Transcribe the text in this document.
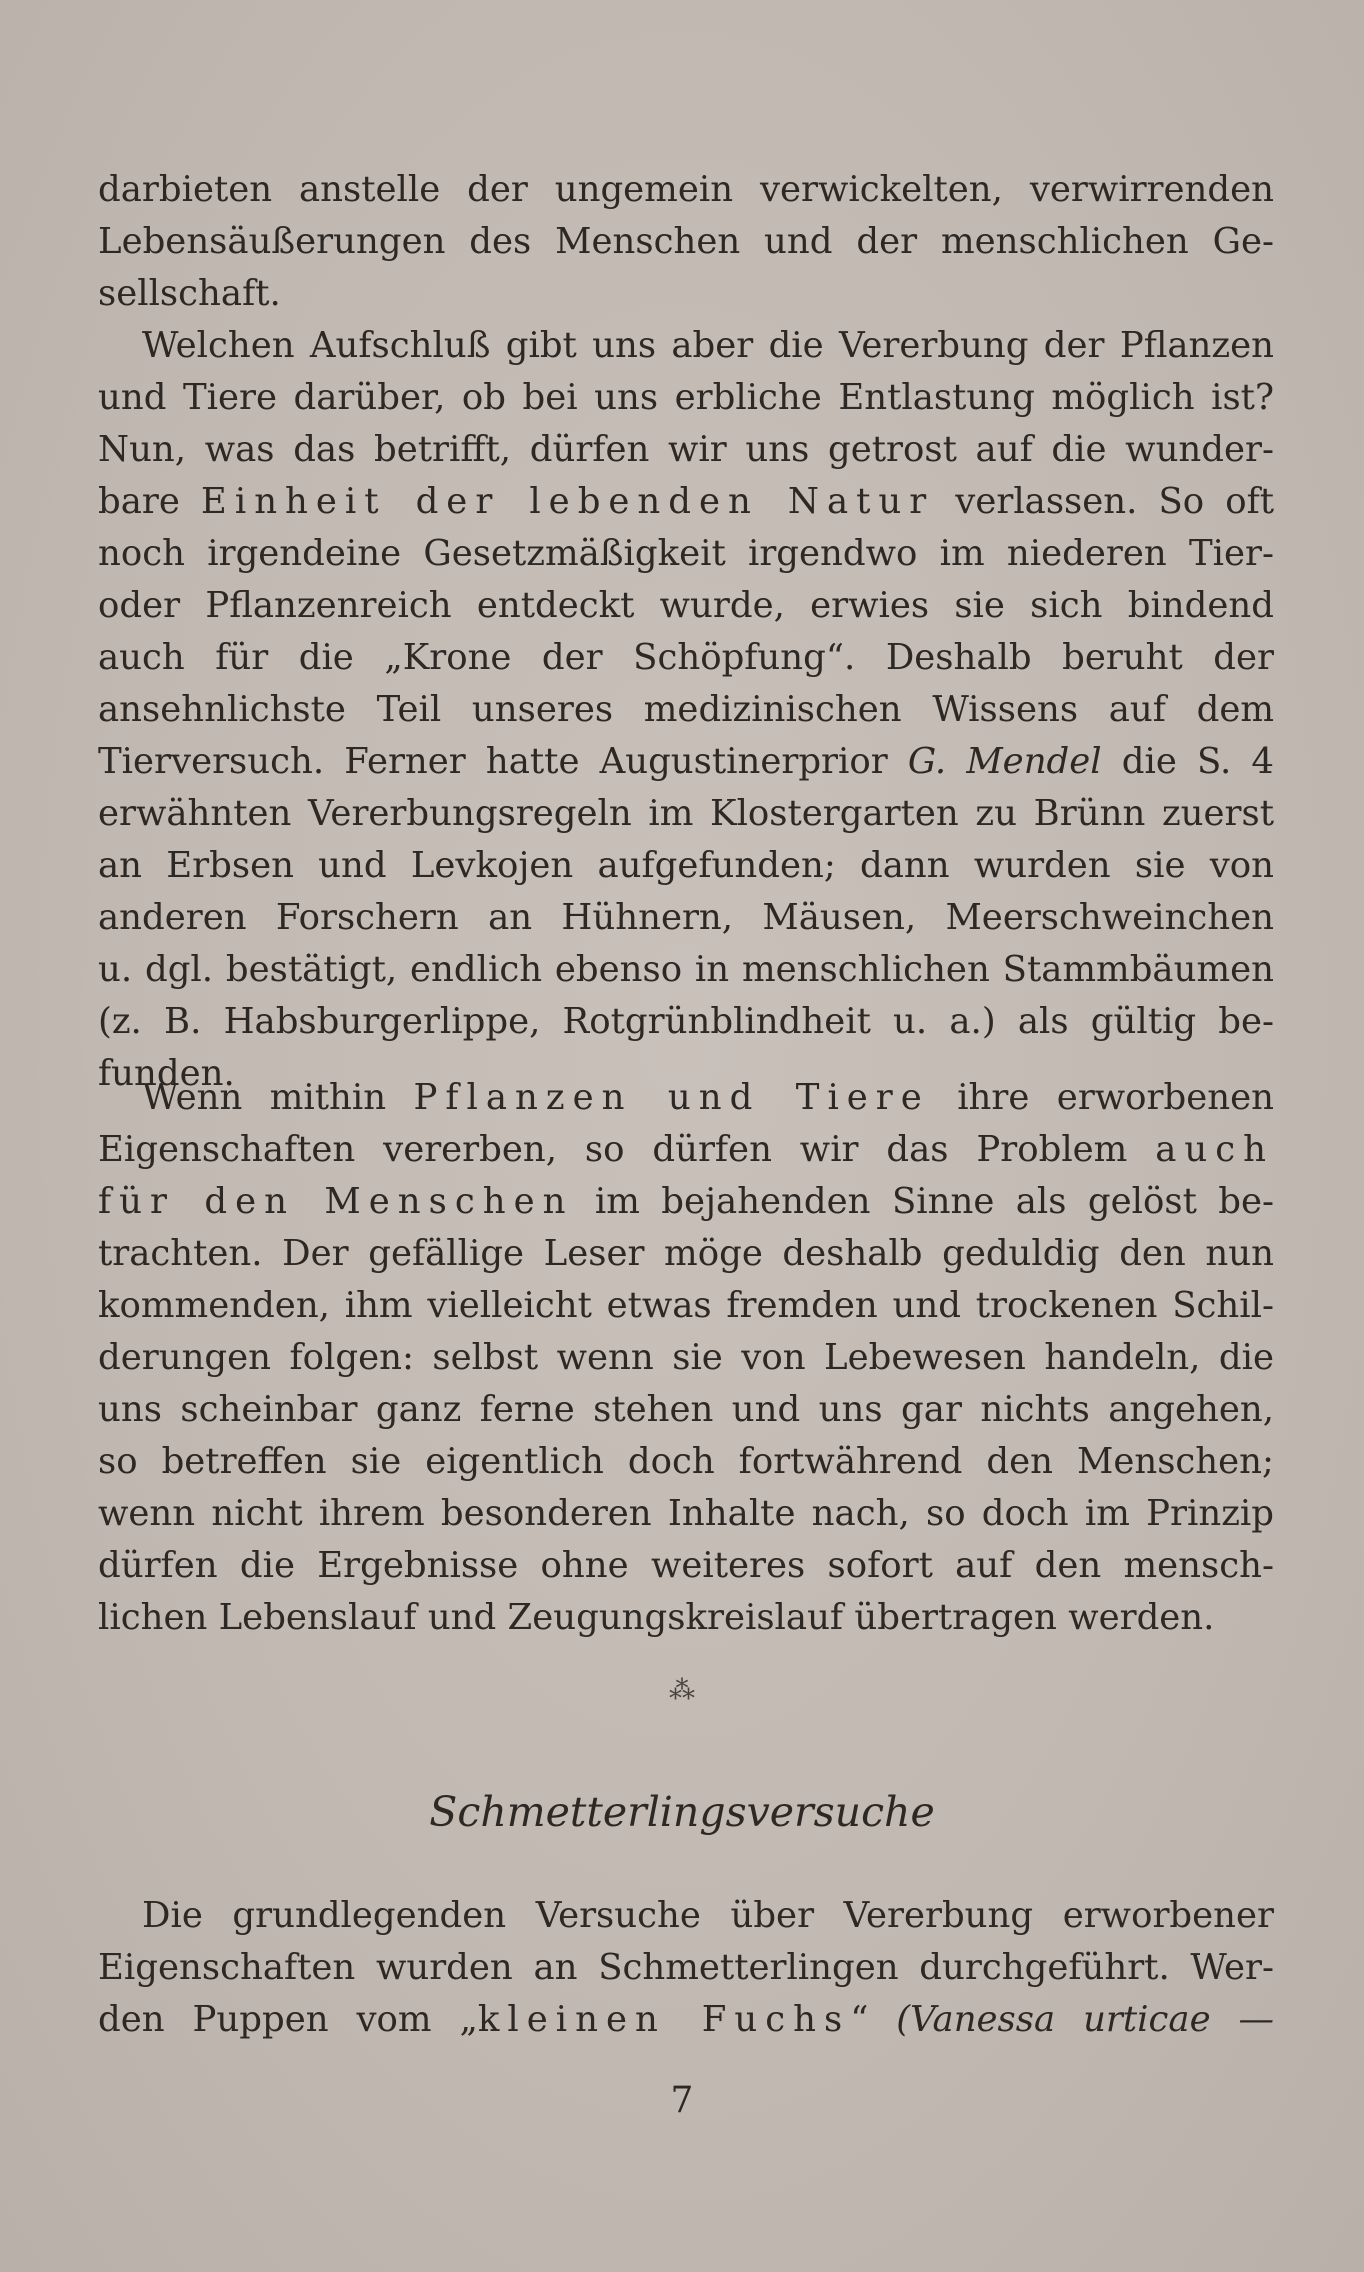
darbieten anstelle der ungemein verwickelten, verwirrenden
Lebensäußerungen des Menschen und der menschlichen Ge-
sellschaft.
Welchen Aufschluß gibt uns aber die Vererbung der Pflanzen
und Tiere darüber, ob bei uns erbliche Entlastung möglich ist?
Nun, was das betrifft, dürfen wir uns getrost auf die wunder-
bare Einheit der lebenden Natur verlassen. So oft
noch irgendeine Gesetzmäßigkeit irgendwo im niederen Tier-
oder Pflanzenreich entdeckt wurde, erwies sie sich bindend
auch für die „Krone der Schöpfung“. Deshalb beruht der
ansehnlichste Teil unseres medizinischen Wissens auf dem
Tierversuch. Ferner hatte Augustinerprior G. Mendel die S. 4
erwähnten Vererbungsregeln im Klostergarten zu Brünn zuerst
an Erbsen und Levkojen aufgefunden; dann wurden sie von
anderen Forschern an Hühnern, Mäusen, Meerschweinchen
u. dgl. bestätigt, endlich ebenso in menschlichen Stammbäumen
(z. B. Habsburgerlippe, Rotgrünblindheit u. a.) als gültig be-
funden.
Wenn mithin Pflanzen und Tiere ihre erworbenen
Eigenschaften vererben, so dürfen wir das Problem auch
für den Menschen im bejahenden Sinne als gelöst be-
trachten. Der gefällige Leser möge deshalb geduldig den nun
kommenden, ihm vielleicht etwas fremden und trockenen Schil-
derungen folgen: selbst wenn sie von Lebewesen handeln, die
uns scheinbar ganz ferne stehen und uns gar nichts angehen,
so betreffen sie eigentlich doch fortwährend den Menschen;
wenn nicht ihrem besonderen Inhalte nach, so doch im Prinzip
dürfen die Ergebnisse ohne weiteres sofort auf den mensch-
lichen Lebenslauf und Zeugungskreislauf übertragen werden.
⁂
Schmetterlingsversuche
Die grundlegenden Versuche über Vererbung erworbener
Eigenschaften wurden an Schmetterlingen durchgeführt. Wer-
den Puppen vom „kleinen Fuchs“ (Vanessa urticae —
7
